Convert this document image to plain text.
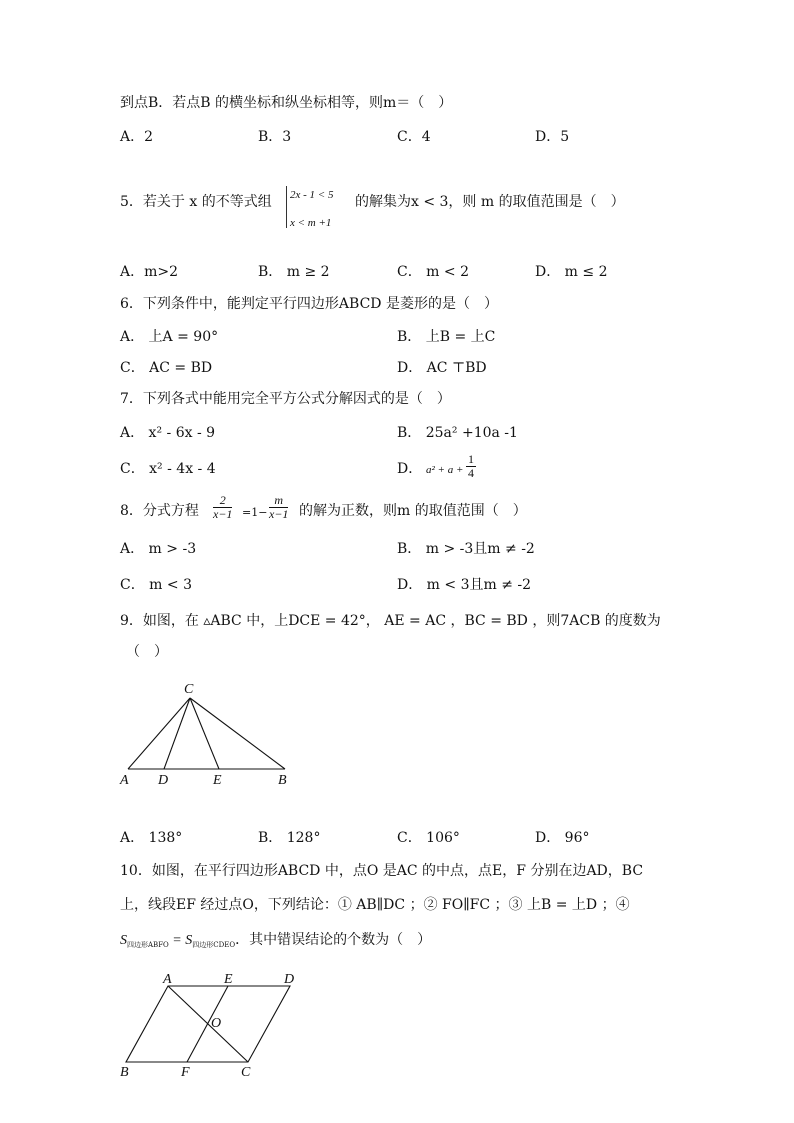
到点B．若点B 的横坐标和纵坐标相等，则m＝（　）
A．2	B．3	C．4	D．5
5．若关于 x 的不等式组 2x - 1 < 5
x < m +1
的解集为x < 3，则 m 的取值范围是（　）
A．m>2	B． m ≥ 2	C． m < 2	D． m ≤ 2
6．下列条件中，能判定平行四边形ABCD 是菱形的是（　）
A． 上A = 90°	B． 上B = 上C
C． AC = BD	D． AC ⊤BD
7．下列各式中能用完全平方公式分解因式的是（　）
A． x² - 6x - 9	B． 25a² +10a -1
C． x² - 4x - 4	D． $a^2 + a + \frac{1}{4}$
8．分式方程 $\frac{2}{x-1} =1- \frac{m}{x-1}$ 的解为正数，则m 的取值范围（　）
A． m > -3	B． m > -3且m ≠ -2
C． m < 3	D． m < 3且m ≠ -2
9．如图，在 ▵ABC 中，上DCE = 42°， AE = AC ，BC = BD ，则7ACB 的度数为
（　）
C
A D	E	B
A． 138°	B． 128°	C． 106°	D． 96°
10．如图，在平行四边形ABCD 中，点O 是AC 的中点，点E，F 分别在边AD，BC
上，线段EF 经过点O，下列结论：① AB∥DC ；② FO∥FC ；③ 上B = 上D ；④
$S_{四边形ABFO} = S_{四边形CDEO}$．其中错误结论的个数为（　）
A	E	D
O
B	F	C
